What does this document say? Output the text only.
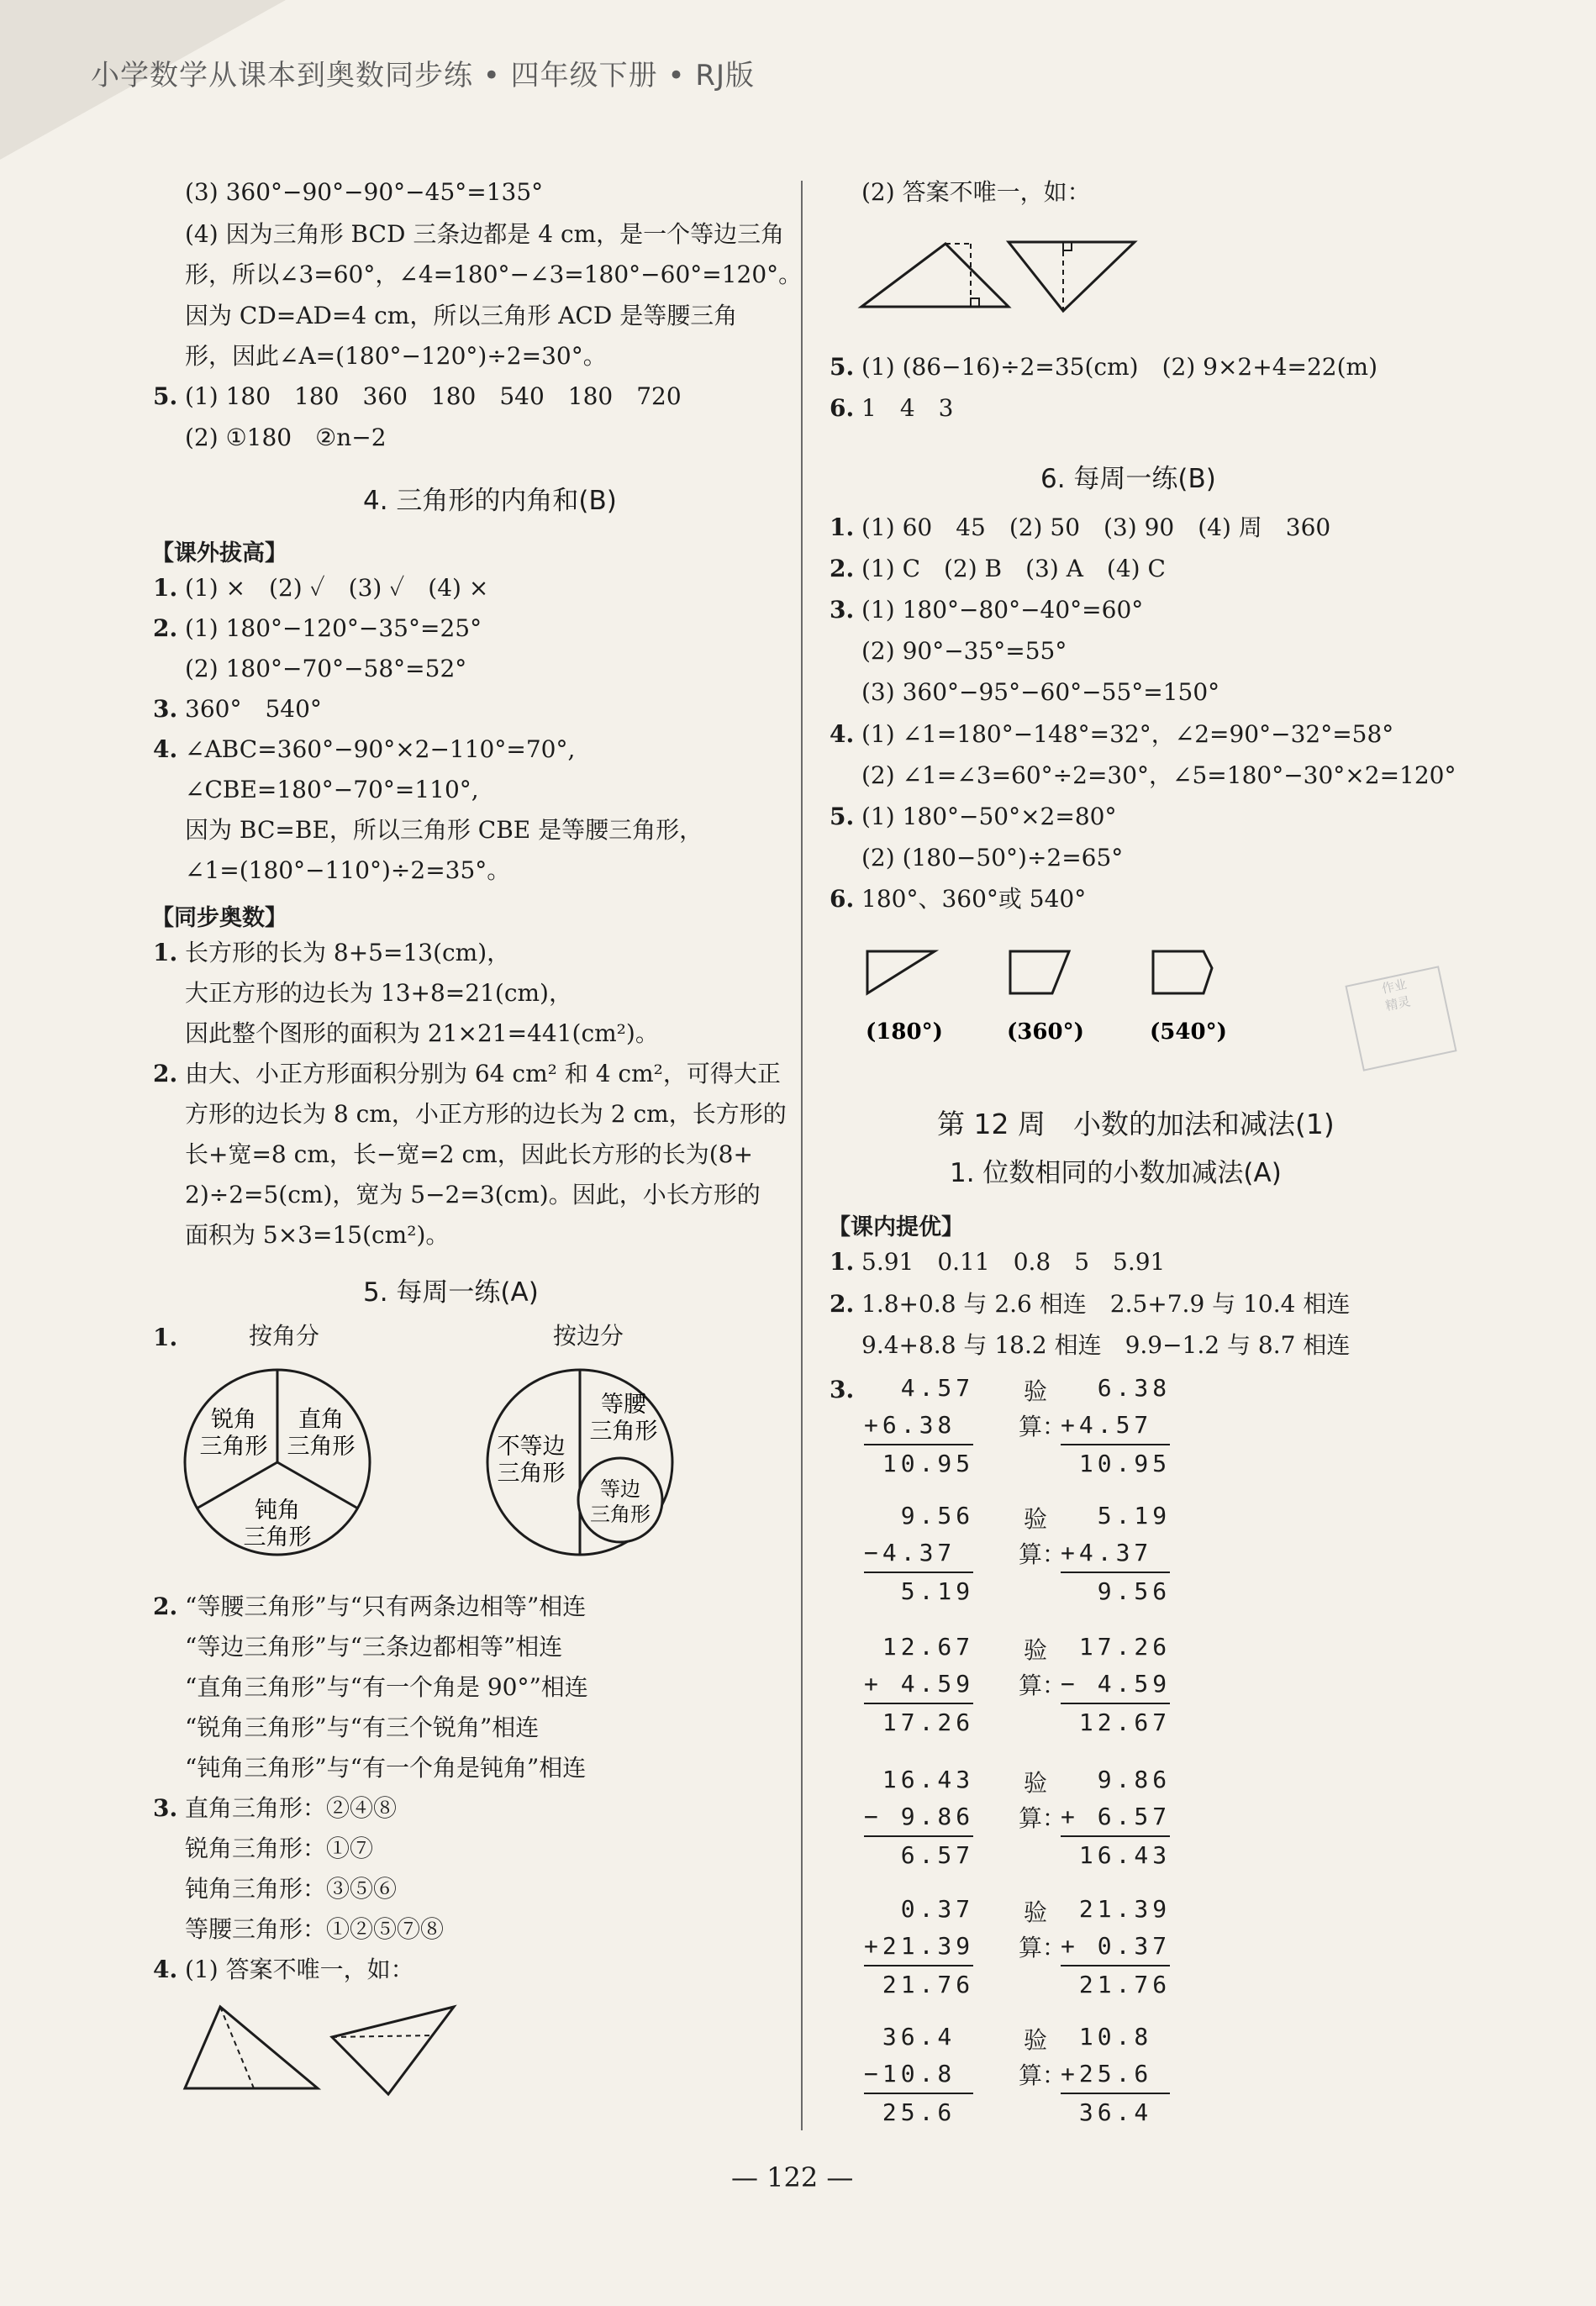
小学数学从课本到奥数同步练 • 四年级下册 • RJ版
(3) 360°−90°−90°−45°=135°
(4) 因为三角形 BCD 三条边都是 4 cm，是一个等边三角
形，所以∠3=60°，∠4=180°−∠3=180°−60°=120°。
因为 CD=AD=4 cm，所以三角形 ACD 是等腰三角
形，因此∠A=(180°−120°)÷2=30°。
5. (1) 180　180　360　180　540　180　720
(2) ①180　②n−2
4. 三角形的内角和(B)
【课外拔高】
1. (1) ×　(2) ✓　(3) ✓　(4) ×
2. (1) 180°−120°−35°=25°
(2) 180°−70°−58°=52°
3. 360°　540°
4. ∠ABC=360°−90°×2−110°=70°,
∠CBE=180°−70°=110°,
因为 BC=BE，所以三角形 CBE 是等腰三角形，
∠1=(180°−110°)÷2=35°。
【同步奥数】
1. 长方形的长为 8+5=13(cm)，
大正方形的边长为 13+8=21(cm)，
因此整个图形的面积为 21×21=441(cm²)。
2. 由大、小正方形面积分别为 64 cm² 和 4 cm²，可得大正
方形的边长为 8 cm，小正方形的边长为 2 cm，长方形的
长+宽=8 cm，长−宽=2 cm，因此长方形的长为(8+
2)÷2=5(cm)，宽为 5−2=3(cm)。因此，小长方形的
面积为 5×3=15(cm²)。
5. 每周一练(A)
1.	按角分	按边分
锐角
三角形
直角
三角形
钝角
三角形
不等边
三角形
等腰
三角形
等边
三角形
2. “等腰三角形”与“只有两条边相等”相连
“等边三角形”与“三条边都相等”相连
“直角三角形”与“有一个角是 90°”相连
“锐角三角形”与“有三个锐角”相连
“钝角三角形”与“有一个角是钝角”相连
3. 直角三角形：②④⑧
锐角三角形：①⑦
钝角三角形：③⑤⑥
等腰三角形：①②⑤⑦⑧
4. (1) 答案不唯一，如：
(2) 答案不唯一，如：
5. (1) (86−16)÷2=35(cm)　(2) 9×2+4=22(m)
6. 1　4　3
6. 每周一练(B)
1. (1) 60　45　(2) 50　(3) 90　(4) 周　360
2. (1) C　(2) B　(3) A　(4) C
3. (1) 180°−80°−40°=60°
(2) 90°−35°=55°
(3) 360°−95°−60°−55°=150°
4. (1) ∠1=180°−148°=32°，∠2=90°−32°=58°
(2) ∠1=∠3=60°÷2=30°，∠5=180°−30°×2=120°
5. (1) 180°−50°×2=80°
(2) (180−50°)÷2=65°
6. 180°、360°或 540°
(180°)	(360°)	(540°)
第 12 周　小数的加法和减法(1)
1. 位数相同的小数加减法(A)
【课内提优】
1. 5.91　0.11　0.8　5　5.91
2. 1.8+0.8 与 2.6 相连　2.5+7.9 与 10.4 相连
9.4+8.8 与 18.2 相连　9.9−1.2 与 8.7 相连
3. 4.57
+6.38
10.95
验
算：
6.38
+4.57
10.95
9.56
−4.37
5.19
验
算：
5.19
+4.37
9.56
12.67
+ 4.59
17.26
验
算：
17.26
− 4.59
12.67
16.43
− 9.86
6.57
验
算：
9.86
+ 6.57
16.43
0.37
+21.39
21.76
验
算：
21.39
+ 0.37
21.76
36.4
−10.8
25.6
验
算：
10.8
+25.6
36.4
作业
精灵
— 122 —
